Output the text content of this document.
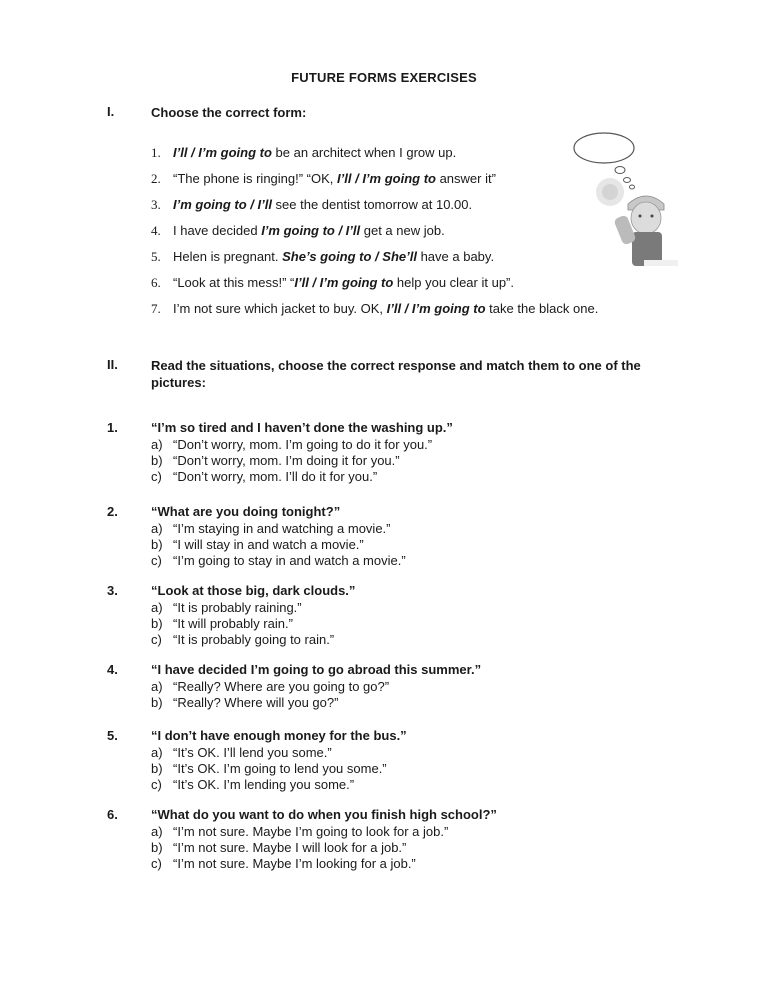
FUTURE FORMS EXERCISES
I.	Choose the correct form:
1. I’ll / I’m going to be an architect when I grow up.
2. “The phone is ringing!” “OK, I’ll / I’m going to answer it”
3. I’m going to / I’ll see the dentist tomorrow at 10.00.
4. I have decided I’m going to / I’ll get a new job.
5. Helen is pregnant. She’s going to / She’ll have a baby.
6. “Look at this mess!” “I’ll / I’m going to help you clear it up”.
7. I’m not sure which jacket to buy. OK, I’ll / I’m going to take the black one.
II.	Read the situations, choose the correct response and match them to one of the pictures:
1.	“I’m so tired and I haven’t done the washing up.”
a) “Don’t worry, mom. I’m going to do it for you.”
b) “Don’t worry, mom. I’m doing it for you.”
c) “Don’t worry, mom. I’ll do it for you.”
2.	“What are you doing tonight?”
a) “I’m staying in and watching a movie.”
b) “I will stay in and watch a movie.”
c) “I’m going to stay in and watch a movie.”
3.	“Look at those big, dark clouds.”
a) “It is probably raining.”
b) “It will probably rain.”
c) “It is probably going to rain.”
4.	“I have decided I’m going to go abroad this summer.”
a) “Really? Where are you going to go?”
b) “Really? Where will you go?”
5.	“I don’t have enough money for the bus.”
a) “It’s OK. I’ll lend you some.”
b) “It’s OK. I’m going to lend you some.”
c) “It’s OK. I’m lending you some.”
6.	“What do you want to do when you finish high school?”
a) “I’m not sure. Maybe I’m going to look for a job.”
b) “I’m not sure. Maybe I will look for a job.”
c) “I’m not sure. Maybe I’m looking for a job.”
